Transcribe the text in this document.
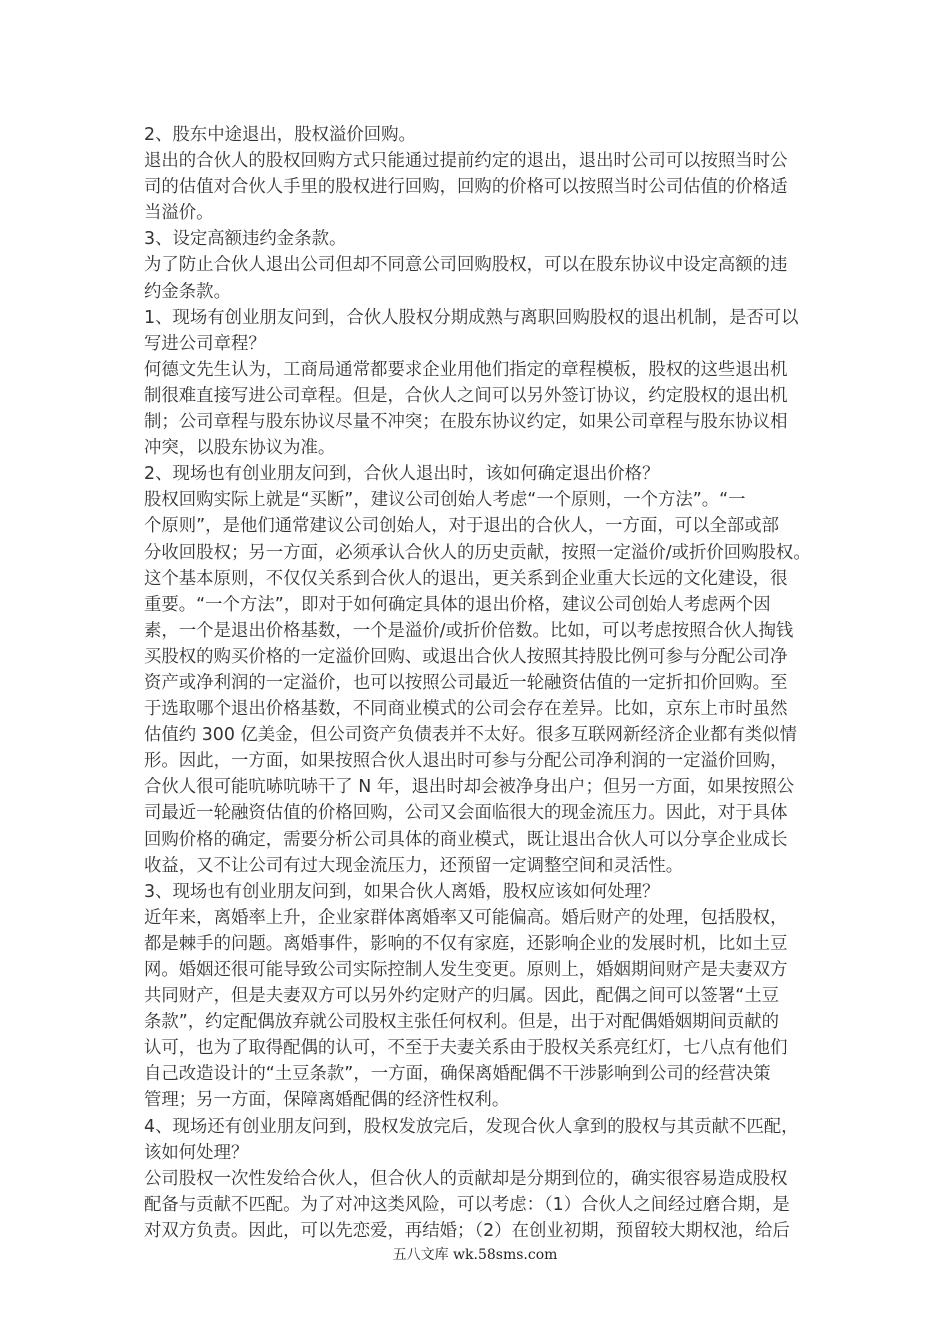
2、股东中途退出，股权溢价回购。
退出的合伙人的股权回购方式只能通过提前约定的退出，退出时公司可以按照当时公
司的估值对合伙人手里的股权进行回购，回购的价格可以按照当时公司估值的价格适
当溢价。
3、设定高额违约金条款。
为了防止合伙人退出公司但却不同意公司回购股权，可以在股东协议中设定高额的违
约金条款。
1、现场有创业朋友问到，合伙人股权分期成熟与离职回购股权的退出机制，是否可以
写进公司章程？
何德文先生认为，工商局通常都要求企业用他们指定的章程模板，股权的这些退出机
制很难直接写进公司章程。但是，合伙人之间可以另外签订协议，约定股权的退出机
制；公司章程与股东协议尽量不冲突；在股东协议约定，如果公司章程与股东协议相
冲突，以股东协议为准。
2、现场也有创业朋友问到，合伙人退出时，该如何确定退出价格？
股权回购实际上就是“买断”，建议公司创始人考虑“一个原则，一个方法”。“一
个原则”，是他们通常建议公司创始人，对于退出的合伙人，一方面，可以全部或部
分收回股权；另一方面，必须承认合伙人的历史贡献，按照一定溢价/或折价回购股权。
这个基本原则，不仅仅关系到合伙人的退出，更关系到企业重大长远的文化建设，很
重要。“一个方法”，即对于如何确定具体的退出价格，建议公司创始人考虑两个因
素，一个是退出价格基数，一个是溢价/或折价倍数。比如，可以考虑按照合伙人掏钱
买股权的购买价格的一定溢价回购、或退出合伙人按照其持股比例可参与分配公司净
资产或净利润的一定溢价，也可以按照公司最近一轮融资估值的一定折扣价回购。至
于选取哪个退出价格基数，不同商业模式的公司会存在差异。比如，京东上市时虽然
估值约 300 亿美金，但公司资产负债表并不太好。很多互联网新经济企业都有类似情
形。因此，一方面，如果按照合伙人退出时可参与分配公司净利润的一定溢价回购，
合伙人很可能吭哧吭哧干了 N 年，退出时却会被净身出户；但另一方面，如果按照公
司最近一轮融资估值的价格回购，公司又会面临很大的现金流压力。因此，对于具体
回购价格的确定，需要分析公司具体的商业模式，既让退出合伙人可以分享企业成长
收益，又不让公司有过大现金流压力，还预留一定调整空间和灵活性。
3、现场也有创业朋友问到，如果合伙人离婚，股权应该如何处理？
近年来，离婚率上升，企业家群体离婚率又可能偏高。婚后财产的处理，包括股权，
都是棘手的问题。离婚事件，影响的不仅有家庭，还影响企业的发展时机，比如土豆
网。婚姻还很可能导致公司实际控制人发生变更。原则上，婚姻期间财产是夫妻双方
共同财产，但是夫妻双方可以另外约定财产的归属。因此，配偶之间可以签署“土豆
条款”，约定配偶放弃就公司股权主张任何权利。但是，出于对配偶婚姻期间贡献的
认可，也为了取得配偶的认可，不至于夫妻关系由于股权关系亮红灯，七八点有他们
自己改造设计的“土豆条款”，一方面，确保离婚配偶不干涉影响到公司的经营决策
管理；另一方面，保障离婚配偶的经济性权利。
4、现场还有创业朋友问到，股权发放完后，发现合伙人拿到的股权与其贡献不匹配，
该如何处理？
公司股权一次性发给合伙人，但合伙人的贡献却是分期到位的，确实很容易造成股权
配备与贡献不匹配。为了对冲这类风险，可以考虑：（1）合伙人之间经过磨合期，是
对双方负责。因此，可以先恋爱，再结婚；（2）在创业初期，预留较大期权池，给后
五八文库 wk.58sms.com
